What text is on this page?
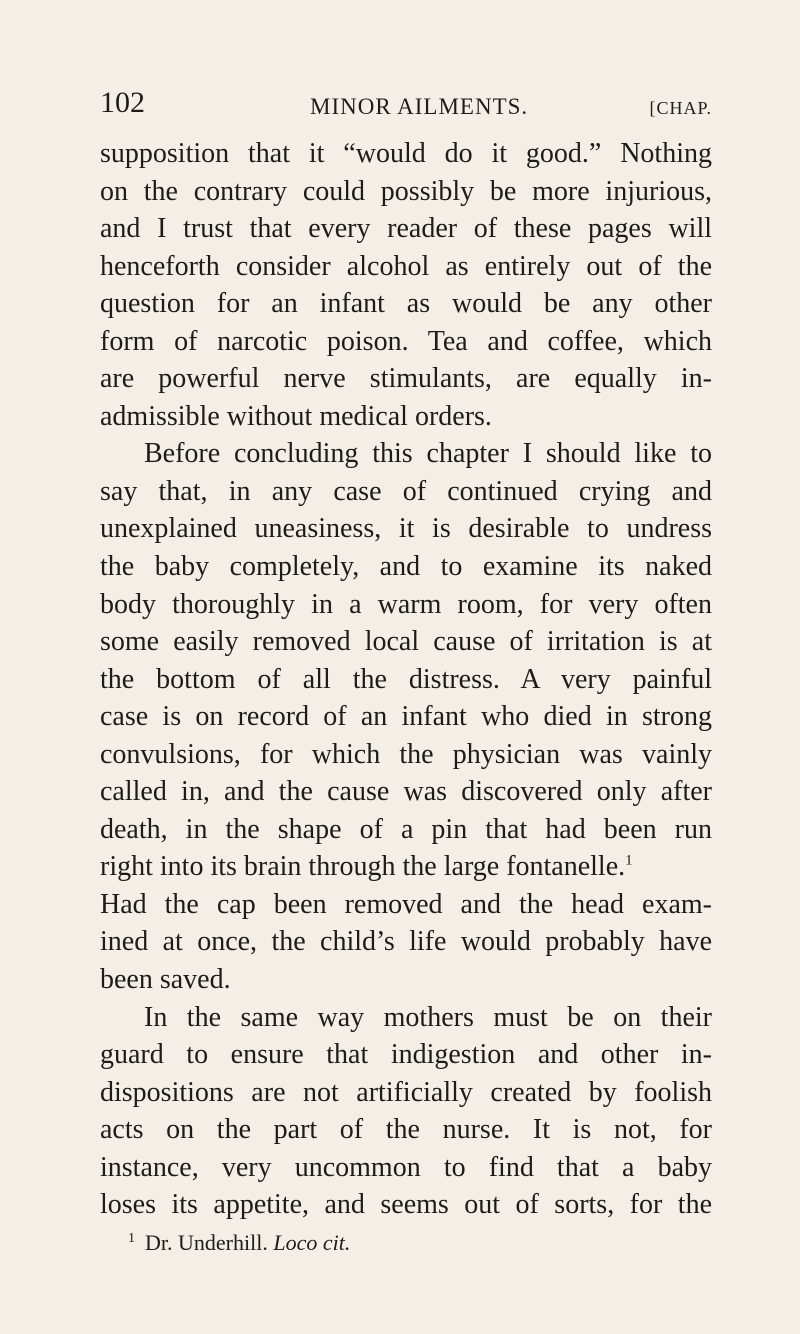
102	MINOR AILMENTS.	[CHAP.
supposition that it “would do it good.” Nothing
on the contrary could possibly be more injurious,
and I trust that every reader of these pages will
henceforth consider alcohol as entirely out of the
question for an infant as would be any other
form of narcotic poison. Tea and coffee, which
are powerful nerve stimulants, are equally in-
admissible without medical orders.
Before concluding this chapter I should like to
say that, in any case of continued crying and
unexplained uneasiness, it is desirable to undress
the baby completely, and to examine its naked
body thoroughly in a warm room, for very often
some easily removed local cause of irritation is at
the bottom of all the distress. A very painful
case is on record of an infant who died in strong
convulsions, for which the physician was vainly
called in, and the cause was discovered only after
death, in the shape of a pin that had been run
right into its brain through the large fontanelle.$^1$
Had the cap been removed and the head exam-
ined at once, the child’s life would probably have
been saved.
In the same way mothers must be on their
guard to ensure that indigestion and other in-
dispositions are not artificially created by foolish
acts on the part of the nurse. It is not, for
instance, very uncommon to find that a baby
loses its appetite, and seems out of sorts, for the
$^1$ Dr. Underhill. Loco cit.
